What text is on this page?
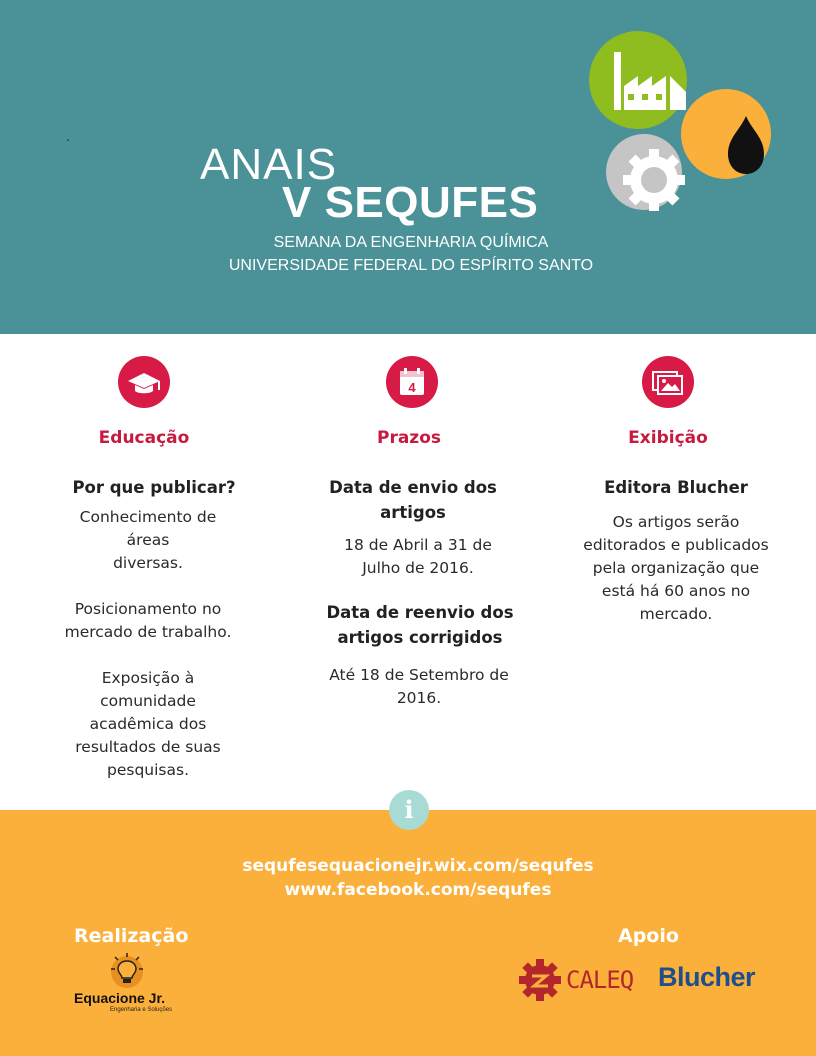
.
ANAIS
V SEQUFES
SEMANA DA ENGENHARIA QUÍMICA
UNIVERSIDADE FEDERAL DO ESPÍRITO SANTO
4
Educação
Por que publicar?
Conhecimento de
áreas
diversas.
Posicionamento no
mercado de trabalho.
Exposição à
comunidade
acadêmica dos
resultados de suas
pesquisas.
Prazos
Data de envio dos
artigos
18 de Abril a 31 de
Julho de 2016.
Data de reenvio dos
artigos corrigidos
Até 18 de Setembro de
2016.
Exibição
Editora Blucher
Os artigos serão
editorados e publicados
pela organização que
está há 60 anos no
mercado.
i
sequfesequacionejr.wix.com/sequfes
www.facebook.com/sequfes
Realização	Apoio
Equacione Jr.
Engenharia e Soluções
CALEQ Blucher
